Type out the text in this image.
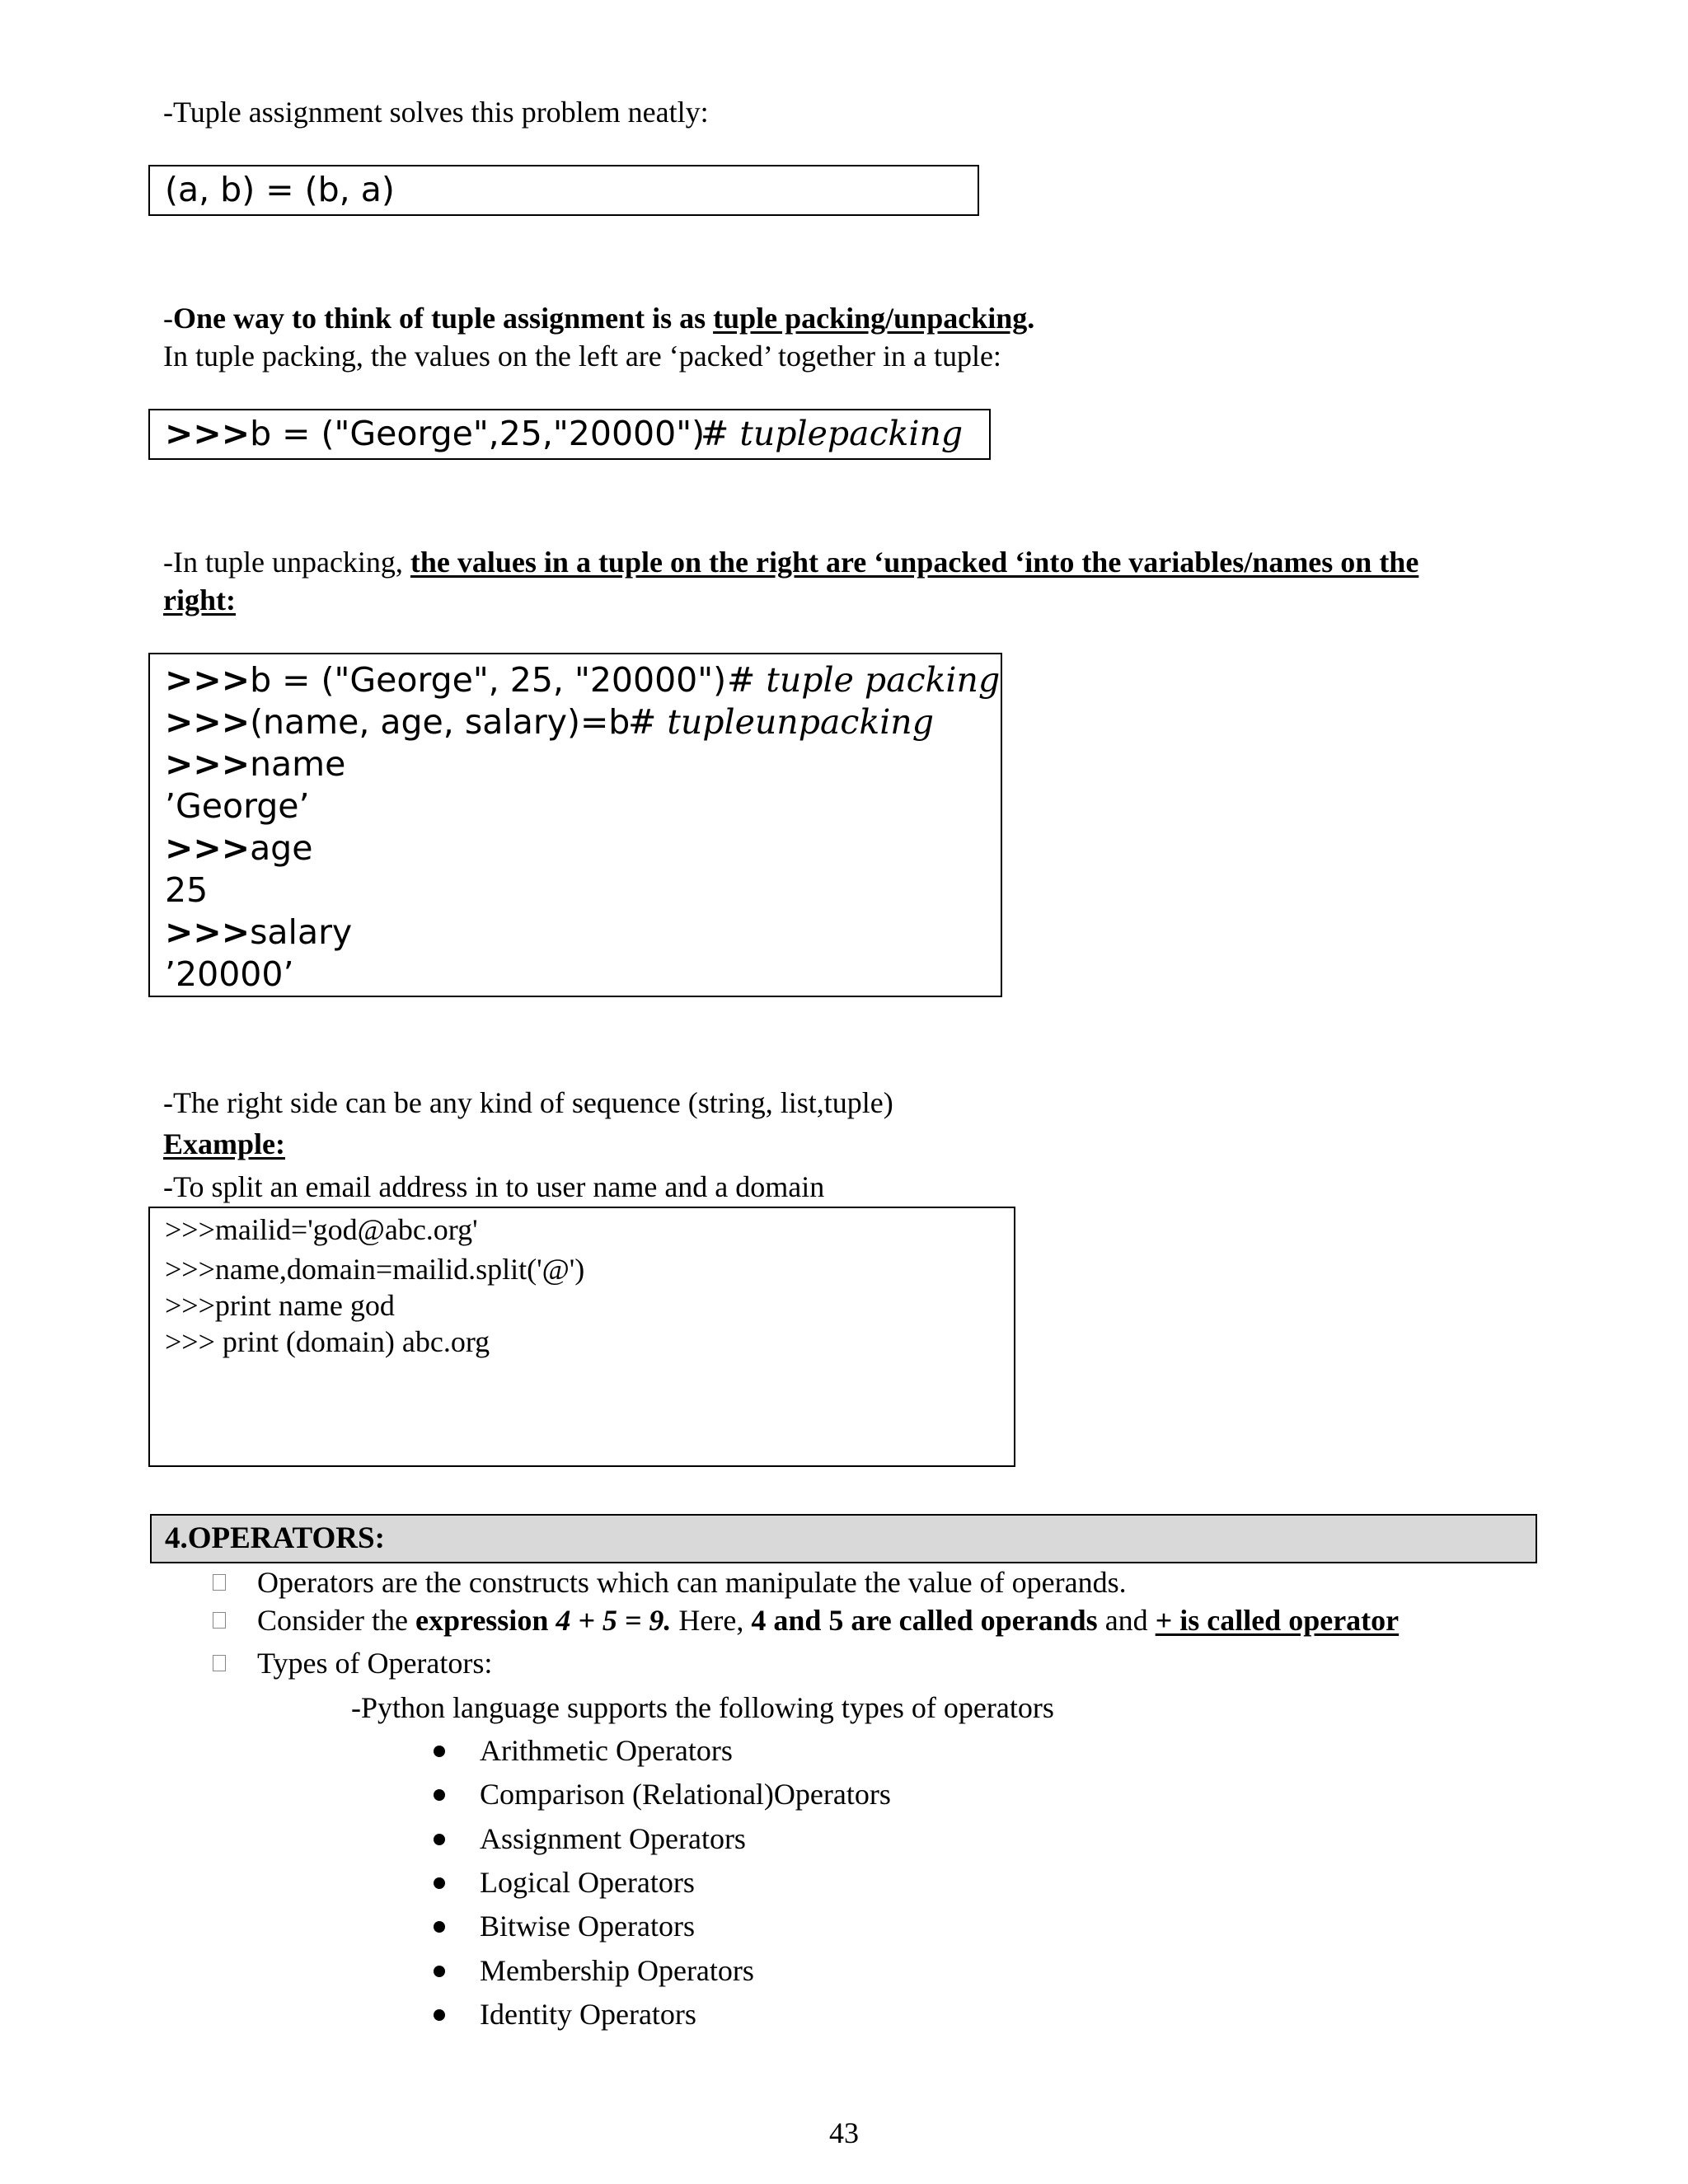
-Tuple assignment solves this problem neatly:
(a, b) = (b, a)
-One way to think of tuple assignment is as tuple packing/unpacking.
In tuple packing, the values on the left are ‘packed’ together in a tuple:
>>>b = ("George",25,"20000")
# tuplepacking
-In tuple unpacking, the values in a tuple on the right are ‘unpacked ‘into the variables/names on the
right:
>>>b = ("George", 25, "20000")
>>>(name, age, salary)=b
>>>name
’George’
>>>age
25
>>>salary
’20000’
# tuple packing
# tupleunpacking
-The right side can be any kind of sequence (string, list,tuple)
Example:
-To split an email address in to user name and a domain
>>>mailid='god@abc.org'
>>>name,domain=mailid.split('@')
>>>print name god
>>> print (domain) abc.org
4.OPERATORS:
Operators are the constructs which can manipulate the value of operands.
Consider the expression 4 + 5 = 9. Here, 4 and 5 are called operands and + is called operator
Types of Operators:
-Python language supports the following types of operators
Arithmetic Operators
Comparison (Relational)Operators
Assignment Operators
Logical Operators
Bitwise Operators
Membership Operators
Identity Operators
43
